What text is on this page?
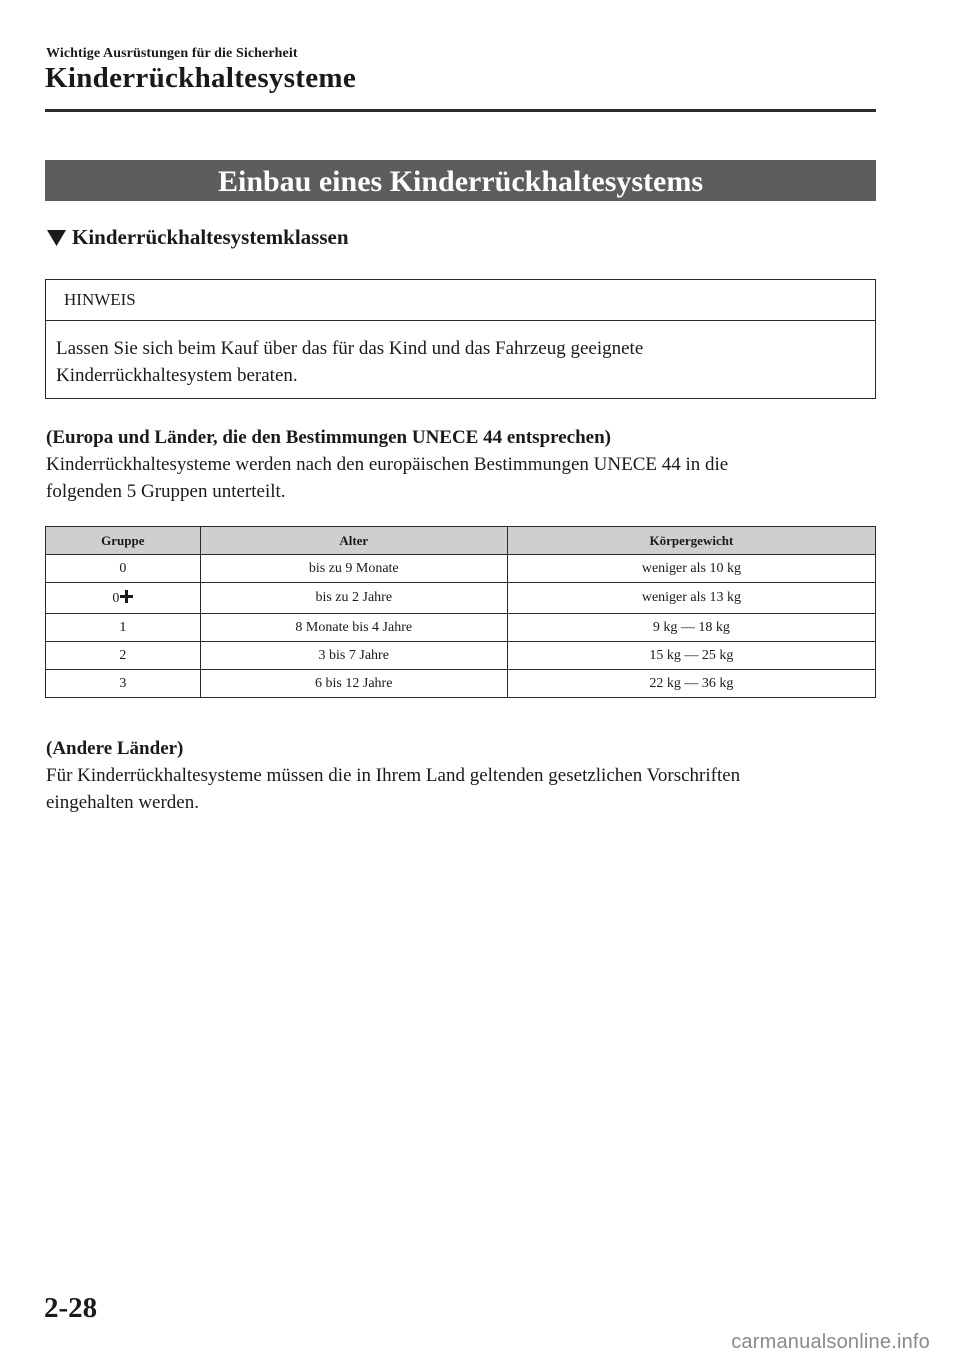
Wichtige Ausrüstungen für die Sicherheit
Kinderrückhaltesysteme
Einbau eines Kinderrückhaltesystems
Kinderrückhaltesystemklassen
HINWEIS
Lassen Sie sich beim Kauf über das für das Kind und das Fahrzeug geeignete
Kinderrückhaltesystem beraten.
(Europa und Länder, die den Bestimmungen UNECE 44 entsprechen)
Kinderrückhaltesysteme werden nach den europäischen Bestimmungen UNECE 44 in die
folgenden 5 Gruppen unterteilt.
Gruppe	Alter	Körpergewicht
0	bis zu 9 Monate	weniger als 10 kg
0	bis zu 2 Jahre	weniger als 13 kg
1	8 Monate bis 4 Jahre	9 kg — 18 kg
2	3 bis 7 Jahre	15 kg — 25 kg
3	6 bis 12 Jahre	22 kg — 36 kg
(Andere Länder)
Für Kinderrückhaltesysteme müssen die in Ihrem Land geltenden gesetzlichen Vorschriften
eingehalten werden.
2-28
carmanualsonline.info
